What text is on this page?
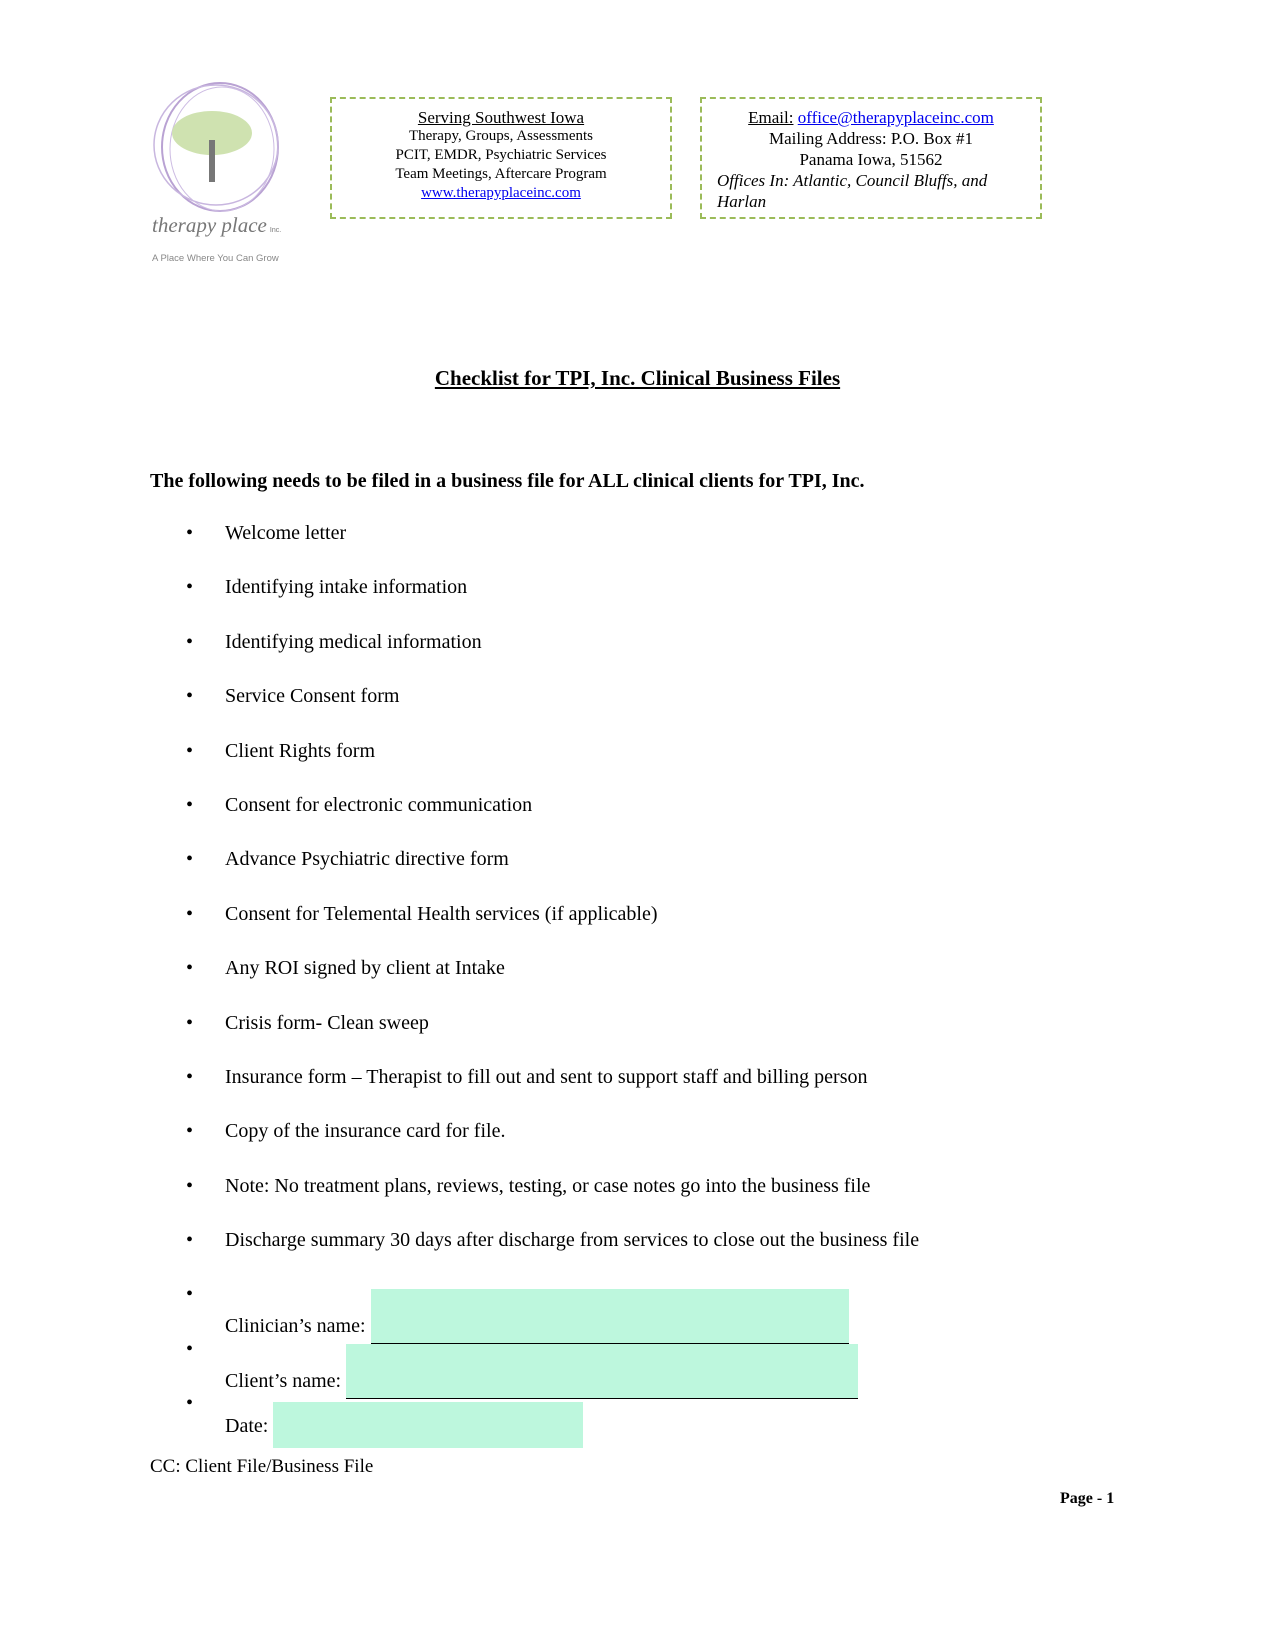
therapy place Inc.
A Place Where You Can Grow
Serving Southwest Iowa
Therapy, Groups, Assessments
PCIT, EMDR, Psychiatric Services
Team Meetings, Aftercare Program
www.therapyplaceinc.com
Email: office@therapyplaceinc.com
Mailing Address: P.O. Box #1
Panama Iowa, 51562
Offices In: Atlantic, Council Bluffs, and Harlan
Checklist for TPI, Inc. Clinical Business Files
The following needs to be filed in a business file for ALL clinical clients for TPI, Inc.
• Welcome letter
• Identifying intake information
• Identifying medical information
• Service Consent form
• Client Rights form
• Consent for electronic communication
• Advance Psychiatric directive form
• Consent for Telemental Health services (if applicable)
• Any ROI signed by client at Intake
• Crisis form- Clean sweep
• Insurance form – Therapist to fill out and sent to support staff and billing person
• Copy of the insurance card for file.
• Note: No treatment plans, reviews, testing, or case notes go into the business file
• Discharge summary 30 days after discharge from services to close out the business file
•
Clinician’s name:
•
Client’s name:
•
Date:
CC: Client File/Business File
Page - 1
